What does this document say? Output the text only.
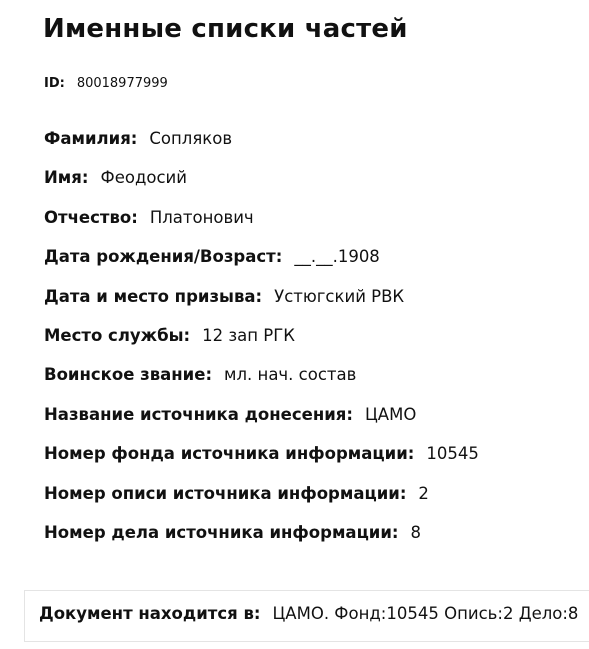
Именные списки частей
ID: 80018977999
Фамилия: Сопляков
Имя: Феодосий
Отчество: Платонович
Дата рождения/Возраст: __.__.1908
Дата и место призыва: Устюгский РВК
Место службы: 12 зап РГК
Воинское звание: мл. нач. состав
Название источника донесения: ЦАМО
Номер фонда источника информации: 10545
Номер описи источника информации: 2
Номер дела источника информации: 8
Документ находится в: ЦАМО. Фонд:10545 Опись:2 Дело:8
